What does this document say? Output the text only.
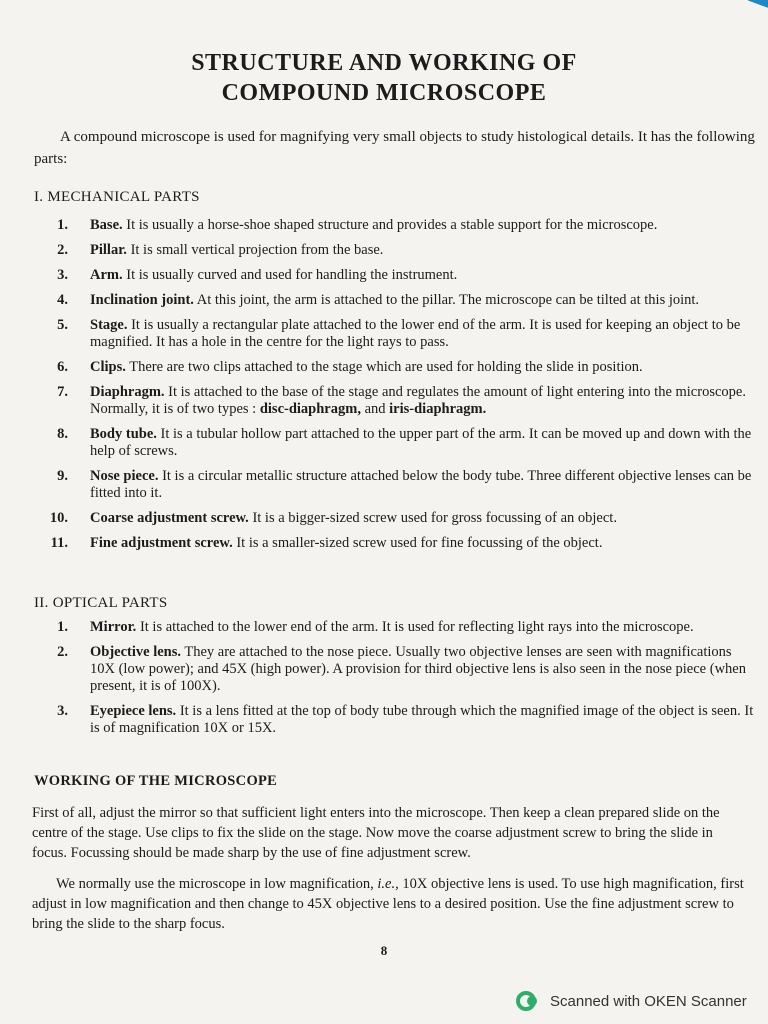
STRUCTURE AND WORKING OF
COMPOUND MICROSCOPE
A compound microscope is used for magnifying very small objects to study histological details. It has the following parts:
I. MECHANICAL PARTS
1. Base. It is usually a horse-shoe shaped structure and provides a stable support for the microscope.
2. Pillar. It is small vertical projection from the base.
3. Arm. It is usually curved and used for handling the instrument.
4. Inclination joint. At this joint, the arm is attached to the pillar. The microscope can be tilted at this joint.
5. Stage. It is usually a rectangular plate attached to the lower end of the arm. It is used for keeping an object to be magnified. It has a hole in the centre for the light rays to pass.
6. Clips. There are two clips attached to the stage which are used for holding the slide in position.
7. Diaphragm. It is attached to the base of the stage and regulates the amount of light entering into the microscope. Normally, it is of two types : disc-diaphragm, and iris-diaphragm.
8. Body tube. It is a tubular hollow part attached to the upper part of the arm. It can be moved up and down with the help of screws.
9. Nose piece. It is a circular metallic structure attached below the body tube. Three different objective lenses can be fitted into it.
10. Coarse adjustment screw. It is a bigger-sized screw used for gross focussing of an object.
11. Fine adjustment screw. It is a smaller-sized screw used for fine focussing of the object.
II. OPTICAL PARTS
1. Mirror. It is attached to the lower end of the arm. It is used for reflecting light rays into the microscope.
2. Objective lens. They are attached to the nose piece. Usually two objective lenses are seen with magnifications 10X (low power); and 45X (high power). A provision for third objective lens is also seen in the nose piece (when present, it is of 100X).
3. Eyepiece lens. It is a lens fitted at the top of body tube through which the magnified image of the object is seen. It is of magnification 10X or 15X.
WORKING OF THE MICROSCOPE
First of all, adjust the mirror so that sufficient light enters into the microscope. Then keep a clean prepared slide on the centre of the stage. Use clips to fix the slide on the stage. Now move the coarse adjustment screw to bring the slide in focus. Focussing should be made sharp by the use of fine adjustment screw.
We normally use the microscope in low magnification, i.e., 10X objective lens is used. To use high magnification, first adjust in low magnification and then change to 45X objective lens to a desired position. Use the fine adjustment screw to bring the slide to the sharp focus.
8
Scanned with OKEN Scanner
